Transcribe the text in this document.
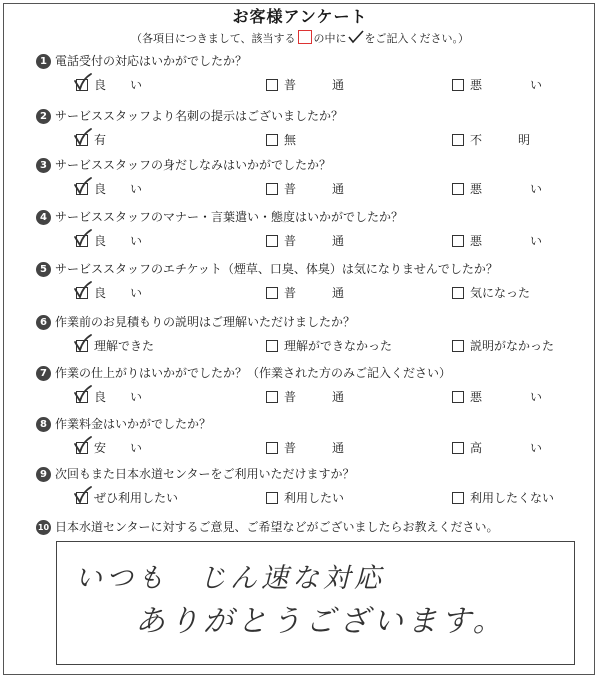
お客様アンケート
（各項目につきまして、該当する の中に をご記入ください。）
1 電話受付の対応はいかがでしたか？
良　　い	普　　　通	悪　　　　い
2 サービススタッフより名刺の提示はございましたか？
有	無	不　　　明
3 サービススタッフの身だしなみはいかがでしたか？
良　　い	普　　　通	悪　　　　い
4 サービススタッフのマナー・言葉遣い・態度はいかがでしたか？
良　　い	普　　　通	悪　　　　い
5 サービススタッフのエチケット（煙草、口臭、体臭）は気になりませんでしたか？
良　　い	普　　　通	気になった
6 作業前のお見積もりの説明はご理解いただけましたか？
理解できた	理解ができなかった	説明がなかった
7 作業の仕上がりはいかがでしたか？（作業された方のみご記入ください）
良　　い	普　　　通	悪　　　　い
8 作業料金はいかがでしたか？
安　　い	普　　　通	高　　　　い
9 次回もまた日本水道センターをご利用いただけますか？
ぜひ利用したい	利用したい	利用したくない
10 日本水道センターに対するご意見、ご希望などがございましたらお教えください。
いつも　じん速な対応
ありがとうございます。
